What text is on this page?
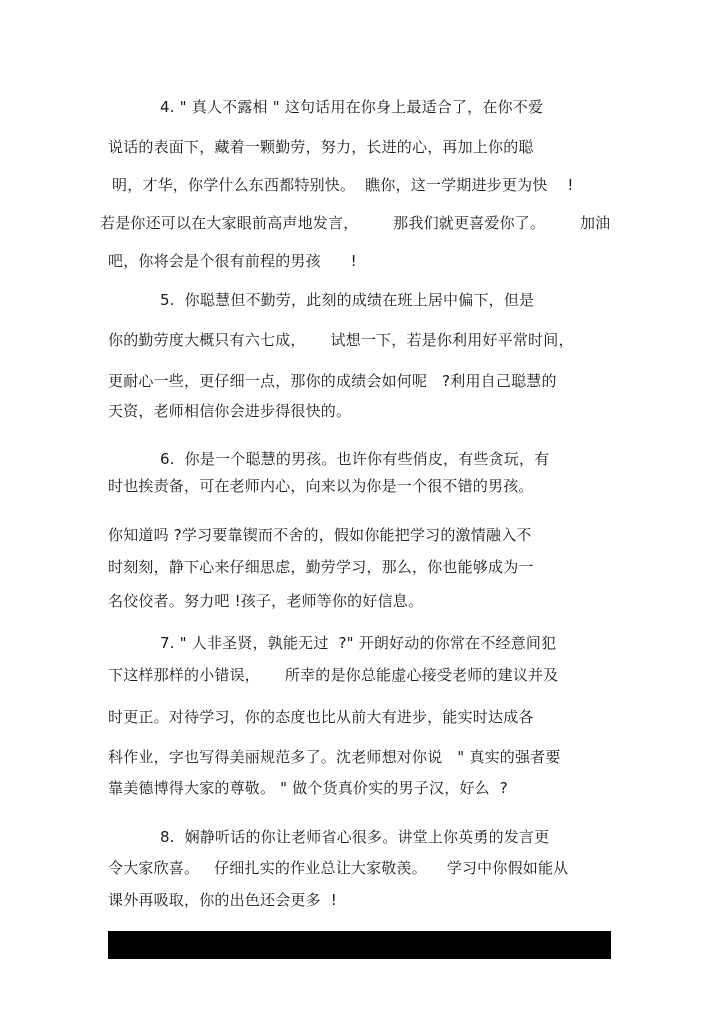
4. " 真人不露相 " 这句话用在你身上最适合了，在你不爱
说话的表面下，藏着一颗勤劳，努力，长进的心，再加上你的聪
明，才华，你学什么东西都特别快。  瞧你，这一学期进步更为快    !
若是你还可以在大家眼前高声地发言，       那我们就更喜爱你了。       加油
吧，你将会是个很有前程的男孩      !
5.  你聪慧但不勤劳，此刻的成绩在班上居中偏下，但是
你的勤劳度大概只有六七成，     试想一下，若是你利用好平常时间，
更耐心一些，更仔细一点，那你的成绩会如何呢   ?利用自己聪慧的
天资，老师相信你会进步得很快的。
6.  你是一个聪慧的男孩。也许你有些俏皮，有些贪玩，有
时也挨责备，可在老师内心，向来以为你是一个很不错的男孩。
你知道吗 ?学习要靠锲而不舍的，假如你能把学习的激情融入不
时刻刻，静下心来仔细思虑，勤劳学习，那么，你也能够成为一
名佼佼者。努力吧 !孩子，老师等你的好信息。
7. " 人非圣贤，孰能无过  ?" 开朗好动的你常在不经意间犯
下这样那样的小错误，     所幸的是你总能虚心接受老师的建议并及
时更正。对待学习，你的态度也比从前大有进步，能实时达成各
科作业，字也写得美丽规范多了。沈老师想对你说   " 真实的强者要
靠美德博得大家的尊敬。 " 做个货真价实的男子汉，好么  ?
8.  娴静听话的你让老师省心很多。讲堂上你英勇的发言更
令大家欣喜。   仔细扎实的作业总让大家敬羡。    学习中你假如能从
课外再吸取，你的出色还会更多  !
